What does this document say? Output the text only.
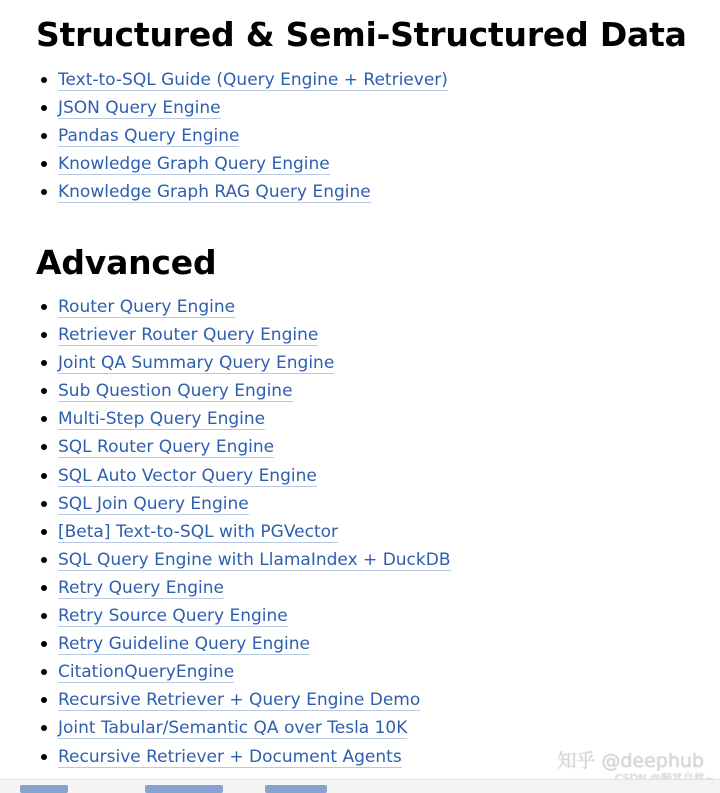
Structured & Semi-Structured Data
Text-to-SQL Guide (Query Engine + Retriever)
JSON Query Engine
Pandas Query Engine
Knowledge Graph Query Engine
Knowledge Graph RAG Query Engine
Advanced
Router Query Engine
Retriever Router Query Engine
Joint QA Summary Query Engine
Sub Question Query Engine
Multi-Step Query Engine
SQL Router Query Engine
SQL Auto Vector Query Engine
SQL Join Query Engine
[Beta] Text-to-SQL with PGVector
SQL Query Engine with LlamaIndex + DuckDB
Retry Query Engine
Retry Source Query Engine
Retry Guideline Query Engine
CitationQueryEngine
Recursive Retriever + Query Engine Demo
Joint Tabular/Semantic QA over Tesla 10K
Recursive Retriever + Document Agents	知乎 @deephub
